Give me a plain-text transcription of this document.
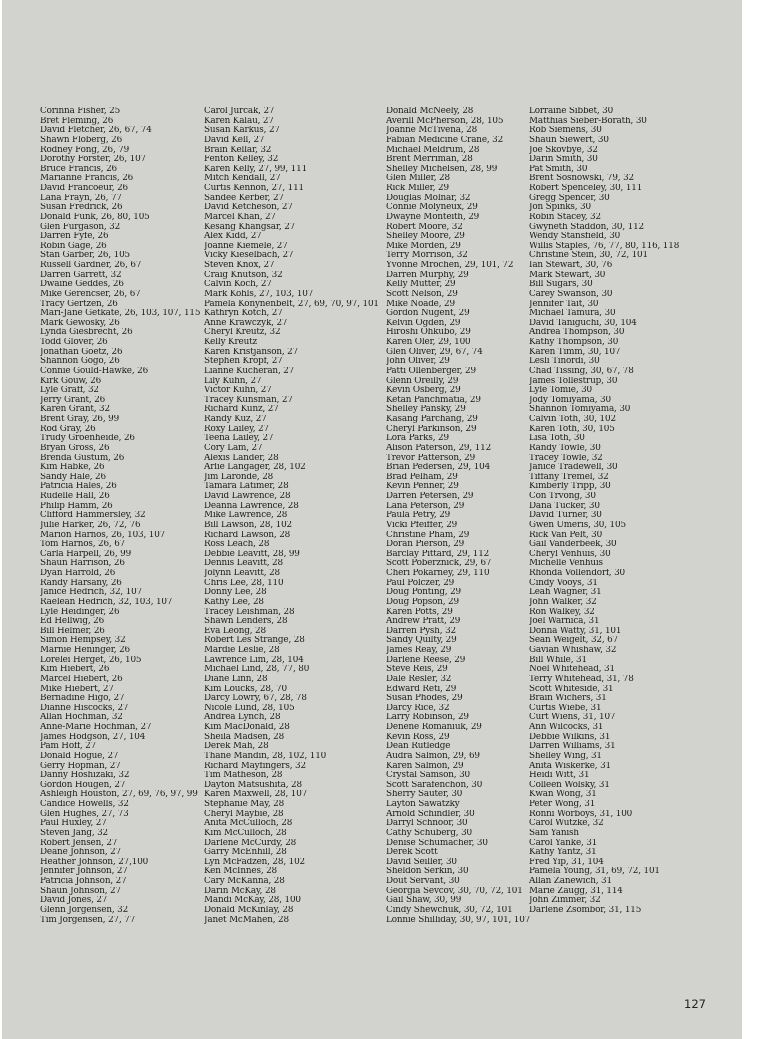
Corinna Fisher, 25
Bret Fleming, 26
David Fletcher, 26, 67, 74
Shawn Floberg, 26
Rodney Fong, 26, 79
Dorothy Forster, 26, 107
Bruce Francis, 26
Marianne Francis, 26
David Francoeur, 26
Lana Frayn, 26, 77
Susan Fredrick, 26
Donald Funk, 26, 80, 105
Glen Furgason, 32
Darren Fyfe, 26
Robin Gage, 26
Stan Garber, 26, 105
Russell Gardner, 26, 67
Darren Garrett, 32
Dwaine Geddes, 26
Mike Gerencser, 26, 67
Tracy Gertzen, 26
Mari-Jane Getkate, 26, 103, 107, 115
Mark Gewosky, 26
Lynda Giesbrecht, 26
Todd Glover, 26
Jonathan Goetz, 26
Shannon Gogo, 26
Connie Gould-Hawke, 26
Kirk Gouw, 26
Lyle Graff, 32
Jerry Grant, 26
Karen Grant, 32
Brent Gray, 26, 99
Rod Gray, 26
Trudy Groenheide, 26
Bryan Gross, 26
Brenda Gustum, 26
Kim Habke, 26
Sandy Hale, 26
Patricia Hales, 26
Rudelle Hall, 26
Philip Hamm, 26
Clifford Hammersley, 32
Julie Harker, 26, 72, 76
Marion Harnos, 26, 103, 107
Tom Harnos, 26, 67
Carla Harpell, 26, 99
Shaun Harrison, 26
Dyan Harrold, 26
Randy Harsany, 26
Janice Hedrich, 32, 107
Raelean Hedrich, 32, 103, 107
Lyle Heidinger, 26
Ed Hellwig, 26
Bill Helmer, 26
Simon Hempsey, 32
Marnie Heninger, 26
Lorelei Herget, 26, 105
Kim Hiebert, 26
Marcel Hiebert, 26
Mike Hiebert, 27
Bernadine Higo, 27
Dianne Hiscocks, 27
Allan Hochman, 32
Anne-Marie Hochman, 27
James Hodgson, 27, 104
Pam Hoff, 27
Donald Hogue, 27
Gerry Hopman, 27
Danny Hoshizaki, 32
Gordon Hougen, 27
Ashleigh Houston, 27, 69, 76, 97, 99
Candice Howells, 32
Glen Hughes, 27, 73
Paul Huxley, 27
Steven Jang, 32
Robert Jensen, 27
Deane Johnson, 27
Heather Johnson, 27,100
Jennifer Johnson, 27
Patricia Johnson, 27
Shaun Johnson, 27
David Jones, 27
Glenn Jorgensen, 32
Tim Jorgensen, 27, 77
Carol Jurcak, 27
Karen Kalau, 27
Susan Karkus, 27
David Kell, 27
Brain Kellar, 32
Fenton Kelley, 32
Karen Kelly, 27, 99, 111
Mitch Kendall, 27
Curtis Kennon, 27, 111
Sandee Kerber, 27
David Ketcheson, 27
Marcel Khan, 27
Kesang Khangsar, 27
Alex Kidd, 27
Joanne Kiemele, 27
Vicky Kieselbach, 27
Steven Knox, 27
Craig Knutson, 32
Calvin Koch, 27
Mark Kohls, 27, 103, 107
Pamela Konynenbelt, 27, 69, 70, 97, 101
Kathryn Kotch, 27
Anne Krawczyk, 27
Cheryl Kreutz, 32
Kelly Kreutz
Karen Kristjanson, 27
Stephen Kropf, 27
Lianne Kucheran, 27
Lily Kuhn, 27
Victor Kuhn, 27
Tracey Kunsman, 27
Richard Kunz, 27
Randy Kuz, 27
Roxy Lailey, 27
Teena Lailey, 27
Cory Lam, 27
Alexis Lander, 28
Arlie Langager, 28, 102
Jim Laronde, 28
Tamara Latimer, 28
David Lawrence, 28
Deanna Lawrence, 28
Mike Lawrence, 28
Bill Lawson, 28, 102
Richard Lawson, 28
Ross Leach, 28
Debbie Leavitt, 28, 99
Dennis Leavitt, 28
Jolynn Leavitt, 28
Chris Lee, 28, 110
Donny Lee, 28
Kathy Lee, 28
Tracey Leishman, 28
Shawn Lenders, 28
Eva Leong, 28
Robert Les Strange, 28
Mardie Leslie, 28
Lawrence Lim, 28, 104
Michael Lind, 28, 77, 80
Diane Linn, 28
Kim Loucks, 28, 70
Darcy Lowry, 67, 28, 78
Nicole Lund, 28, 105
Andrea Lynch, 28
Kim MacDonald, 28
Sheila Madsen, 28
Derek Mah, 28
Thane Mandin, 28, 102, 110
Richard Mayfingers, 32
Tim Matheson, 28
Dayton Matsushita, 28
Karen Maxwell, 28, 107
Stephanie May, 28
Cheryl Maybie, 28
Anita McCulloch, 28
Kim McCulloch, 28
Darlene McCurdy, 28
Garry McEnhill, 28
Lyn McFadzen, 28, 102
Ken McInnes, 28
Cary McKanna, 28
Darin McKay, 28
Mandi McKay, 28, 100
Donald McKinlay, 28
Janet McMahen, 28
Donald McNeely, 28
Averill McPherson, 28, 105
Joanne McTivena, 28
Fabian Medicine Crane, 32
Michael Meldrum, 28
Brent Merriman, 28
Shelley Michelsen, 28, 99
Glen Miller, 28
Rick Miller, 29
Douglas Molnar, 32
Connie Molyneux, 29
Dwayne Monteith, 29
Robert Moore, 32
Shelley Moore, 29
Mike Morden, 29
Terry Morrison, 32
Yvonne Mrochen, 29, 101, 72
Darren Murphy, 29
Kelly Mutter, 29
Scott Nelson, 29
Mike Noade, 29
Gordon Nugent, 29
Kelvin Ogden, 29
Hiroshi Ohkubo, 29
Karen Oler, 29, 100
Glen Oliver, 29, 67, 74
John Oliver, 29
Patti Ollenberger, 29
Glenn Oreilly, 29
Kevin Osberg, 29
Ketan Panchmatia, 29
Shelley Pansky, 29
Kasang Parchang, 29
Cheryl Parkinson, 29
Lora Parks, 29
Alison Paterson, 29, 112
Trevor Patterson, 29
Brian Pedersen, 29, 104
Brad Pelham, 29
Kevin Penner, 29
Darren Petersen, 29
Lana Peterson, 29
Paula Petry, 29
Vicki Pfeiffer, 29
Christine Pham, 29
Doran Pierson, 29
Barclay Pittard, 29, 112
Scott Poberznick, 29, 67
Cheri Pokarney, 29, 110
Paul Polczer, 29
Doug Ponting, 29
Doug Popson, 29
Karen Potts, 29
Andrew Pratt, 29
Darren Pysh, 32
Sandy Quilty, 29
James Reay, 29
Darlene Reese, 29
Steve Reis, 29
Dale Resler, 32
Edward Reti, 29
Susan Phodes, 29
Darcy Rice, 32
Larry Robinson, 29
Denene Romaniuk, 29
Kevin Ross, 29
Dean Rutledge
Audra Salmon, 29, 69
Karen Salmon, 29
Crystal Samson, 30
Scott Sarafenchon, 30
Sherry Sauter, 30
Layton Sawatzky
Arnold Schindler, 30
Darryl Schnoor, 30
Cathy Schuberg, 30
Denise Schumacher, 30
Derek Scott
David Seiller, 30
Sheldon Serkin, 30
Dout Servant, 30
Georgia Sevcov, 30, 70, 72, 101
Gail Shaw, 30, 99
Cindy Shewchuk, 30, 72, 101
Lonnie Shilliday, 30, 97, 101, 107
Lorraine Sibbet, 30
Matthias Sieber-Borath, 30
Rob Siemens, 30
Shaun Siewert, 30
Joe Skovbye, 32
Darin Smith, 30
Pat Smith, 30
Brent Sosnowski, 79, 32
Robert Spenceley, 30, 111
Gregg Spencer, 30
Jon Spinks, 30
Robin Stacey, 32
Gwyneth Staddon, 30, 112
Wendy Stansfield, 30
Willis Staples, 76, 77, 80, 116, 118
Christine Stein, 30, 72, 101
Ian Stewart, 30, 76
Mark Stewart, 30
Bill Sugars, 30
Carey Swanson, 30
Jennifer Tait, 30
Michael Tamura, 30
David Taniguchi, 30, 104
Andrea Thompson, 30
Kathy Thompson, 30
Karen Timm, 30, 107
Lesli Tinordi, 30
Chad Tissing, 30, 67, 78
James Tollestrup, 30
Lyle Tomie, 30
Jody Tomiyama, 30
Shannon Tomiyama, 30
Calvin Toth, 30, 102
Karen Toth, 30, 105
Lisa Toth, 30
Randy Towle, 30
Tracey Towle, 32
Janice Tradewell, 30
Tiffany Tremel, 32
Kimberly Tripp, 30
Con Trvong, 30
Dana Tucker, 30
David Turner, 30
Gwen Umeris, 30, 105
Rick Van Pelt, 30
Gail Vanderbeek, 30
Cheryl Venhuis, 30
Michelle Venhuis
Rhonda Vollendorf, 30
Cindy Vooys, 31
Leah Wagner, 31
John Walker, 32
Ron Walkey, 32
Joel Warnica, 31
Donna Watty, 31, 101
Sean Weigelt, 32, 67
Gavian Whishaw, 32
Bill While, 31
Noel Whitehead, 31
Terry Whitehead, 31, 78
Scott Whiteside, 31
Brain Wichers, 31
Curtis Wiebe, 31
Curt Wiens, 31, 107
Ann Wilcocks, 31
Debbie Wilkins, 31
Darren Williams, 31
Shelley Wing, 31
Anita Wiskerke, 31
Heidi Witt, 31
Colleen Wolsky, 31
Kwan Wong, 31
Peter Wong, 31
Ronni Worboys, 31, 100
Carol Wutzke, 32
Sam Yanish
Carol Yanke, 31
Kathy Yantz, 31
Fred Yip, 31, 104
Pamela Young, 31, 69, 72, 101
Allan Zanewich, 31
Marie Zaugg, 31, 114
John Zimmer, 32
Darlene Zsombor, 31, 115
127
